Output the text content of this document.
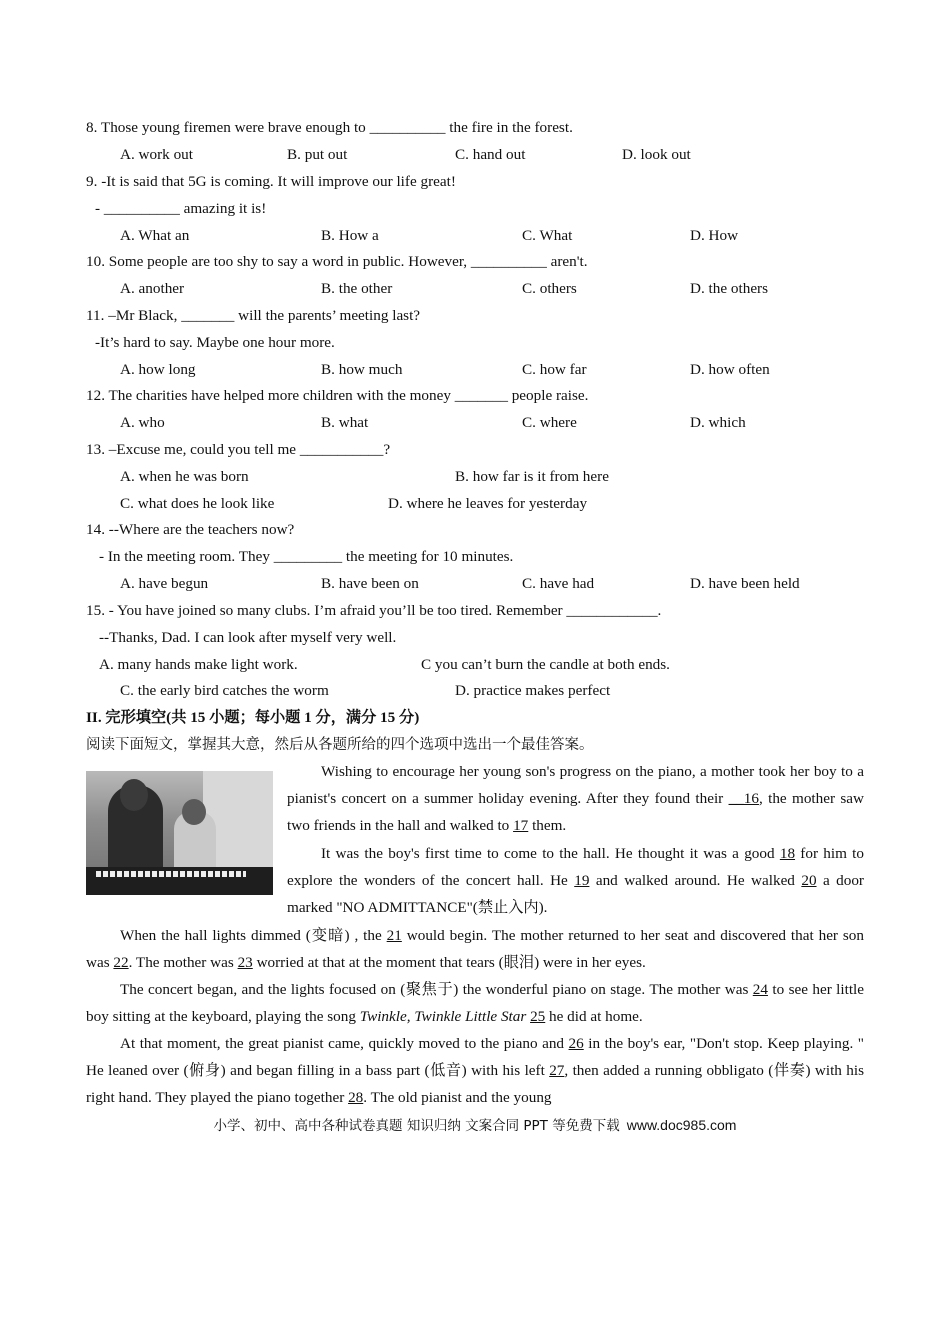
8. Those young firemen were brave enough to __________ the fire in the forest.
A. work out	B. put out	C. hand out	D. look out
9. -It is said that 5G is coming. It will improve our life great!
- __________ amazing it is!
A. What an	B. How a	C. What	D. How
10. Some people are too shy to say a word in public. However, __________ aren't.
A. another	B. the other	C. others	D. the others
11. –Mr Black, _______ will the parents’ meeting last?
-It’s hard to say. Maybe one hour more.
A. how long	B. how much	C. how far	D. how often
12. The charities have helped more children with the money _______ people raise.
A. who	B. what	C. where	D. which
13. –Excuse me, could you tell me ___________?
A. when he was born	B. how far is it from here
C. what does he look like	D. where he leaves for yesterday
14. --Where are the teachers now?
- In the meeting room. They _________ the meeting for 10 minutes.
A. have begun	B. have been on	C. have had	D. have been held
15. - You have joined so many clubs. I’m afraid you’ll be too tired. Remember ____________.
--Thanks, Dad. I can look after myself very well.
A. many hands make light work.	C you can’t burn the candle at both ends.
C. the early bird catches the worm	D. practice makes perfect
II. 完形填空(共 15 小题；每小题 1 分，满分 15 分)
阅读下面短文，掌握其大意，然后从各题所给的四个选项中选出一个最佳答案。
Wishing to encourage her young son's progress on the piano, a mother took her boy to a pianist's concert on a summer holiday evening. After they found their __16, the mother saw two friends in the hall and walked to 17 them.
It was the boy's first time to come to the hall. He thought it was a good 18 for him to explore the wonders of the concert hall. He 19 and walked around. He walked 20 a door marked "NO ADMITTANCE"(禁止入内).
When the hall lights dimmed (变暗) , the 21 would begin. The mother returned to her seat and discovered that her son was 22. The mother was 23 worried at that at the moment that tears (眼泪) were in her eyes.
The concert began, and the lights focused on (聚焦于) the wonderful piano on stage. The mother was 24 to see her little boy sitting at the keyboard, playing the song Twinkle, Twinkle Little Star 25 he did at home.
At that moment, the great pianist came, quickly moved to the piano and 26 in the boy's ear, "Don't stop. Keep playing. " He leaned over (俯身) and began filling in a bass part (低音) with his left 27, then added a running obbligato (伴奏) with his right hand. They played the piano together 28. The old pianist and the young
小学、初中、高中各种试卷真题 知识归纳 文案合同 PPT 等免费下载 www.doc985.com
